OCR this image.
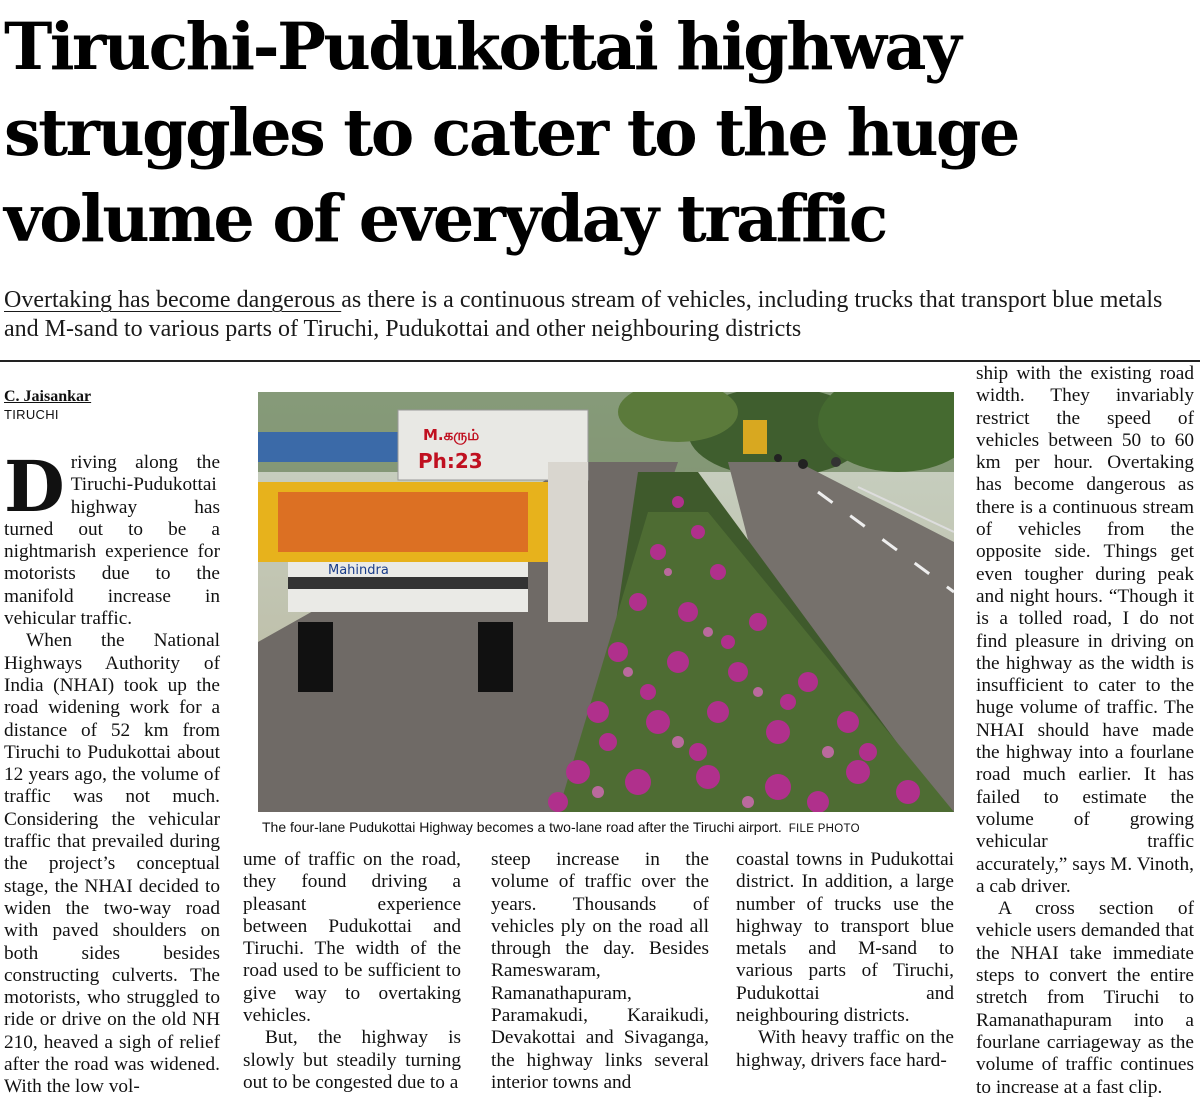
Tiruchi-Pudukottai highway struggles to cater to the huge volume of everyday traffic

Overtaking has become dangerous as there is a continuous stream of vehicles, including trucks that transport blue metals and M-sand to various parts of Tiruchi, Pudukottai and other neighbouring districts

C. Jaisankar
TIRUCHI

Driving along the Tiruchi-Pudukottai highway has turned out to be a nightmarish experience for motorists due to the manifold increase in vehicular traffic.

When the National Highways Authority of India (NHAI) took up the road widening work for a distance of 52 km from Tiruchi to Pudukottai about 12 years ago, the volume of traffic was not much. Considering the vehicular traffic that prevailed during the project’s conceptual stage, the NHAI decided to widen the two-way road with paved shoulders on both sides besides constructing culverts. The motorists, who struggled to ride or drive on the old NH 210, heaved a sigh of relief after the road was widened. With the low vol-

M.கரும்
Ph:23
Mahindra
The four-lane Pudukottai Highway becomes a two-lane road after the Tiruchi airport. FILE PHOTO

ume of traffic on the road, they found driving a pleasant experience between Pudukottai and Tiruchi. The width of the road used to be sufficient to give way to overtaking vehicles.

But, the highway is slowly but steadily turning out to be congested due to a

steep increase in the volume of traffic over the years. Thousands of vehicles ply on the road all through the day. Besides Rameswaram, Ramanathapuram, Paramakudi, Karaikudi, Devakottai and Sivaganga, the highway links several interior towns and

coastal towns in Pudukottai district. In addition, a large number of trucks use the highway to transport blue metals and M-sand to various parts of Tiruchi, Pudukottai and neighbouring districts.

With heavy traffic on the highway, drivers face hard-

ship with the existing road width. They invariably restrict the speed of vehicles between 50 to 60 km per hour. Overtaking has become dangerous as there is a continuous stream of vehicles from the opposite side. Things get even tougher during peak and night hours. “Though it is a tolled road, I do not find pleasure in driving on the highway as the width is insufficient to cater to the huge volume of traffic. The NHAI should have made the highway into a fourlane road much earlier. It has failed to estimate the volume of growing vehicular traffic accurately,” says M. Vinoth, a cab driver.

A cross section of vehicle users demanded that the NHAI take immediate steps to convert the entire stretch from Tiruchi to Ramanathapuram into a fourlane carriageway as the volume of traffic continues to increase at a fast clip.
